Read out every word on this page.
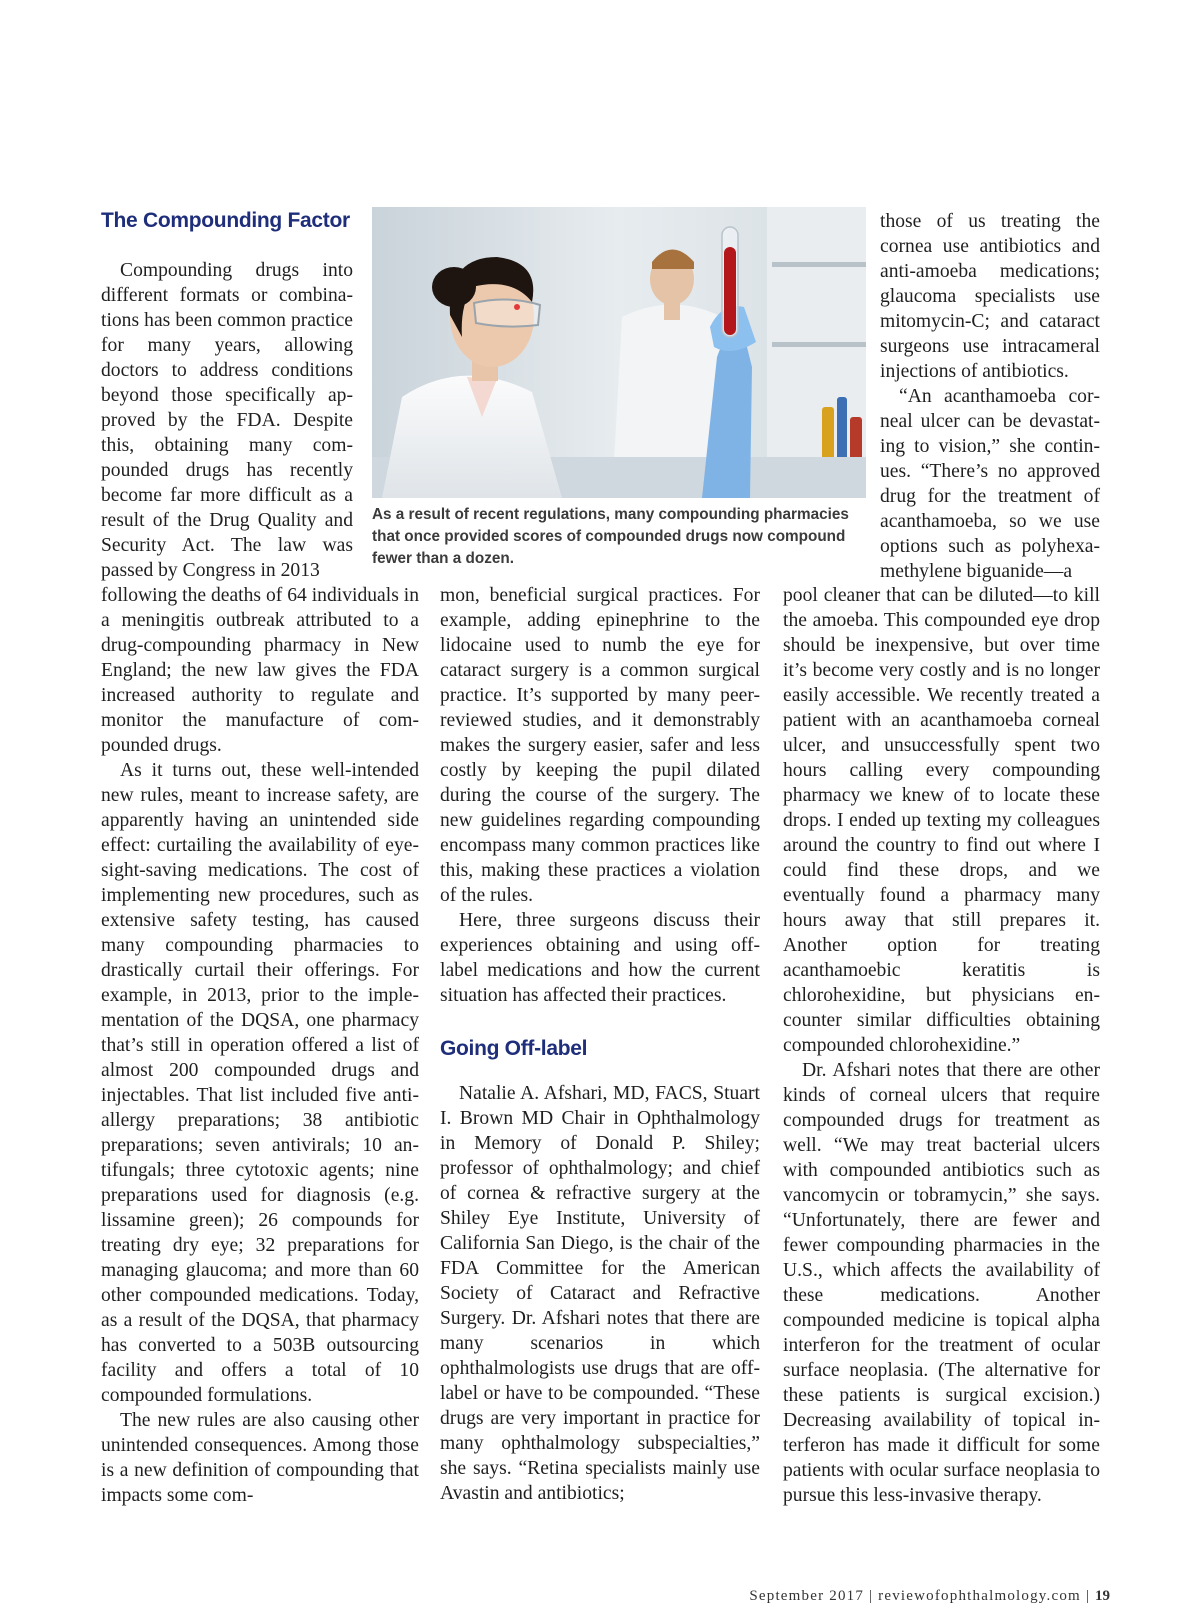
The Compounding Factor

Compounding drugs into different formats or combinations has been common practice for many years, allowing doctors to address conditions beyond those specifically approved by the FDA. Despite this, obtaining many compounded drugs has recently become far more difficult as a result of the Drug Quality and Security Act. The law was passed by Congress in 2013

following the deaths of 64 individuals in a meningitis outbreak attributed to a drug-compounding pharmacy in New England; the new law gives the FDA increased authority to regulate and monitor the manufacture of compounded drugs.

As it turns out, these well-intended new rules, meant to increase safety, are apparently having an unintended side effect: curtailing the availability of eyesight-saving medications. The cost of implementing new procedures, such as extensive safety testing, has caused many compounding pharmacies to drastically curtail their offerings. For example, in 2013, prior to the implementation of the DQSA, one pharmacy that’s still in operation offered a list of almost 200 compounded drugs and injectables. That list included five anti-allergy preparations; 38 antibiotic preparations; seven antivirals; 10 antifungals; three cytotoxic agents; nine preparations used for diagnosis (e.g. lissamine green); 26 compounds for treating dry eye; 32 preparations for managing glaucoma; and more than 60 other compounded medications. Today, as a result of the DQSA, that pharmacy has converted to a 503B outsourcing facility and offers a total of 10 compounded formulations.

The new rules are also causing other unintended consequences. Among those is a new definition of compounding that impacts some com-

As a result of recent regulations, many compounding pharmacies that once provided scores of compounded drugs now compound fewer than a dozen.

mon, beneficial surgical practices. For example, adding epinephrine to the lidocaine used to numb the eye for cataract surgery is a common surgical practice. It’s supported by many peer-reviewed studies, and it demonstrably makes the surgery easier, safer and less costly by keeping the pupil dilated during the course of the surgery. The new guidelines regarding compounding encompass many common practices like this, making these practices a violation of the rules.

Here, three surgeons discuss their experiences obtaining and using off-label medications and how the current situation has affected their practices.

Going Off-label

Natalie A. Afshari, MD, FACS, Stuart I. Brown MD Chair in Ophthalmology in Memory of Donald P. Shiley; professor of ophthalmology; and chief of cornea & refractive surgery at the Shiley Eye Institute, University of California San Diego, is the chair of the FDA Committee for the American Society of Cataract and Refractive Surgery. Dr. Afshari notes that there are many scenarios in which ophthalmologists use drugs that are off-label or have to be compounded. “These drugs are very important in practice for many ophthalmology subspecialties,” she says. “Retina specialists mainly use Avastin and antibiotics;

those of us treating the cornea use antibiotics and anti-amoeba medications; glaucoma specialists use mitomycin-C; and cataract surgeons use intracameral injections of antibiotics.

“An acanthamoeba corneal ulcer can be devastating to vision,” she continues. “There’s no approved drug for the treatment of acanthamoeba, so we use options such as polyhexamethylene biguanide—a

pool cleaner that can be diluted—to kill the amoeba. This compounded eye drop should be inexpensive, but over time it’s become very costly and is no longer easily accessible. We recently treated a patient with an acanthamoeba corneal ulcer, and unsuccessfully spent two hours calling every compounding pharmacy we knew of to locate these drops. I ended up texting my colleagues around the country to find out where I could find these drops, and we eventually found a pharmacy many hours away that still prepares it. Another option for treating acanthamoebic keratitis is chlorohexidine, but physicians encounter similar difficulties obtaining compounded chlorohexidine.”

Dr. Afshari notes that there are other kinds of corneal ulcers that require compounded drugs for treatment as well. “We may treat bacterial ulcers with compounded antibiotics such as vancomycin or tobramycin,” she says. “Unfortunately, there are fewer and fewer compounding pharmacies in the U.S., which affects the availability of these medications. Another compounded medicine is topical alpha interferon for the treatment of ocular surface neoplasia. (The alternative for these patients is surgical excision.) Decreasing availability of topical interferon has made it difficult for some patients with ocular surface neoplasia to pursue this less-invasive therapy.

September 2017 | reviewofophthalmology.com | 19
